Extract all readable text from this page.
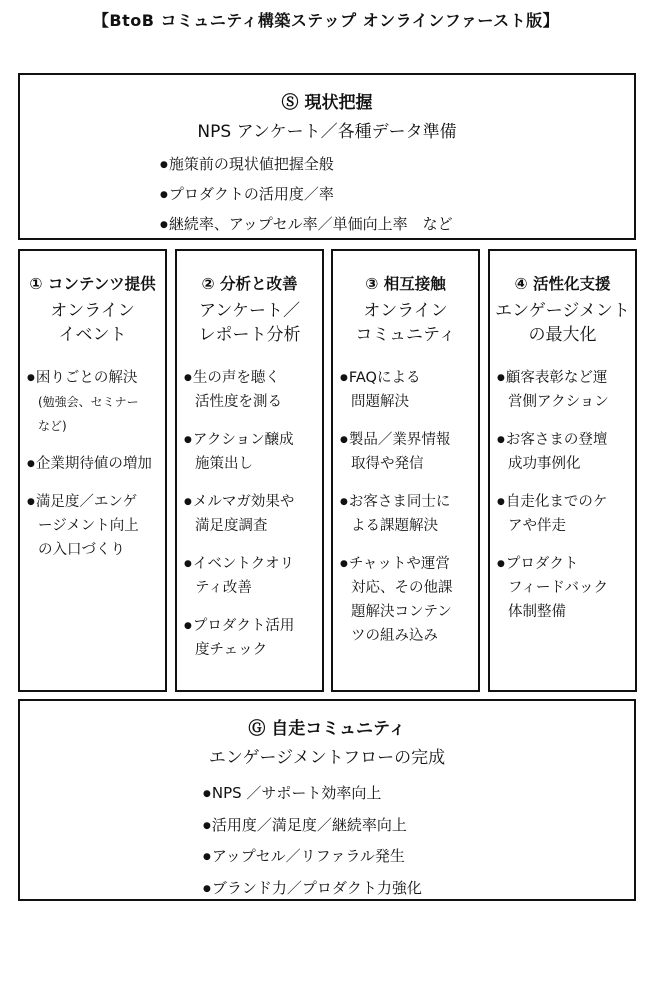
【BtoB コミュニティ構築ステップ オンラインファースト版】
Ⓢ 現状把握
NPS アンケート／各種データ準備
● 施策前の現状値把握全般
● プロダクトの活用度／率
● 継続率、アップセル率／単価向上率　など
① コンテンツ提供
オンライン
イベント
● 困りごとの解決
(勉強会、セミナー
など)
● 企業期待値の増加
● 満足度／エンゲ
ージメント向上
の入口づくり
② 分析と改善
アンケート／
レポート分析
● 生の声を聴く
活性度を測る
● アクション醸成
施策出し
● メルマガ効果や
満足度調査
● イベントクオリ
ティ改善
● プロダクト活用
度チェック
③ 相互接触
オンライン
コミュニティ
● FAQによる
問題解決
● 製品／業界情報
取得や発信
● お客さま同士に
よる課題解決
● チャットや運営
対応、その他課
題解決コンテン
ツの組み込み
④ 活性化支援
エンゲージメント
の最大化
● 顧客表彰など運
営側アクション
● お客さまの登壇
成功事例化
● 自走化までのケ
アや伴走
● プロダクト
フィードバック
体制整備
Ⓖ 自走コミュニティ
エンゲージメントフローの完成
● NPS ／サポート効率向上
● 活用度／満足度／継続率向上
● アップセル／リファラル発生
● ブランド力／プロダクト力強化
